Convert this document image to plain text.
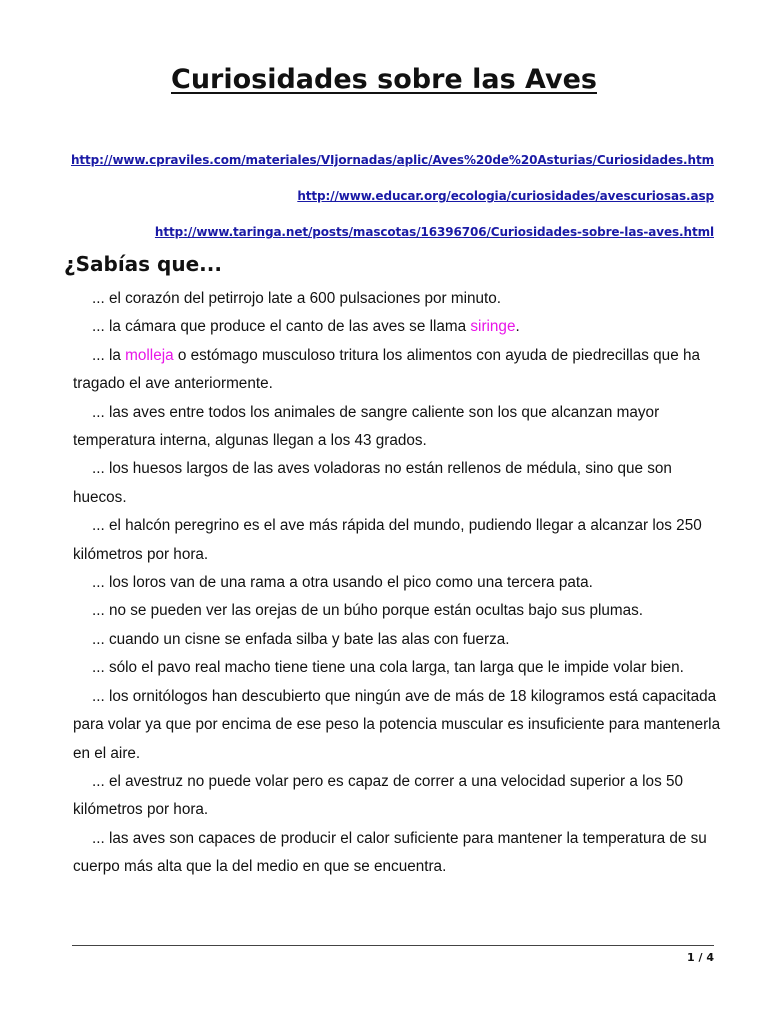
Curiosidades sobre las Aves
http://www.cpraviles.com/materiales/VIjornadas/aplic/Aves%20de%20Asturias/Curiosidades.htm
http://www.educar.org/ecologia/curiosidades/avescuriosas.asp
http://www.taringa.net/posts/mascotas/16396706/Curiosidades-sobre-las-aves.html
¿Sabías que...
... el corazón del petirrojo late a 600 pulsaciones por minuto.
... la cámara que produce el canto de las aves se llama siringe.
... la molleja o estómago musculoso tritura los alimentos con ayuda de piedrecillas que ha tragado el ave anteriormente.
... las aves entre todos los animales de sangre caliente son los que alcanzan mayor temperatura interna, algunas llegan a los 43 grados.
... los huesos largos de las aves voladoras no están rellenos de médula, sino que son huecos.
... el halcón peregrino es el ave más rápida del mundo, pudiendo llegar a alcanzar los 250 kilómetros por hora.
... los loros van de una rama a otra usando el pico como una tercera pata.
... no se pueden ver las orejas de un búho porque están ocultas bajo sus plumas.
... cuando un cisne se enfada silba y bate las alas con fuerza.
... sólo el pavo real macho tiene tiene una cola larga, tan larga que le impide volar bien.
... los ornitólogos han descubierto que ningún ave de más de 18 kilogramos está capacitada para volar ya que por encima de ese peso la potencia muscular es insuficiente para mantenerla en el aire.
... el avestruz no puede volar pero es capaz de correr a una velocidad superior a los 50 kilómetros por hora.
... las aves son capaces de producir el calor suficiente para mantener la temperatura de su cuerpo más alta que la del medio en que se encuentra.
1 / 4
